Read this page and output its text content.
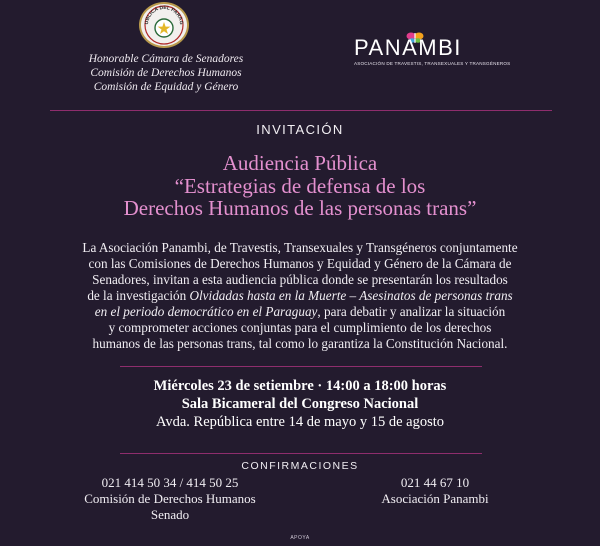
UBLICA DEL PARAG
Honorable Cámara de Senadores
Comisión de Derechos Humanos
Comisión de Equidad y Género
PANAMBI
ASOCIACIÓN DE TRAVESTIS, TRANSEXUALES Y TRANSGÉNEROS
INVITACIÓN
Audiencia Pública
“Estrategias de defensa de los
Derechos Humanos de las personas trans”
La Asociación Panambi, de Travestis, Transexuales y Transgéneros conjuntamente
con las Comisiones de Derechos Humanos y Equidad y Género de la Cámara de
Senadores, invitan a esta audiencia pública donde se presentarán los resultados
de la investigación Olvidadas hasta en la Muerte – Asesinatos de personas trans
en el periodo democrático en el Paraguay, para debatir y analizar la situación
y comprometer acciones conjuntas para el cumplimiento de los derechos
humanos de las personas trans, tal como lo garantiza la Constitución Nacional.
Miércoles 23 de setiembre · 14:00 a 18:00 horas
Sala Bicameral del Congreso Nacional
Avda. República entre 14 de mayo y 15 de agosto
CONFIRMACIONES
021 414 50 34 / 414 50 25
Comisión de Derechos Humanos
Senado
021 44 67 10
Asociación Panambi
APOYA
